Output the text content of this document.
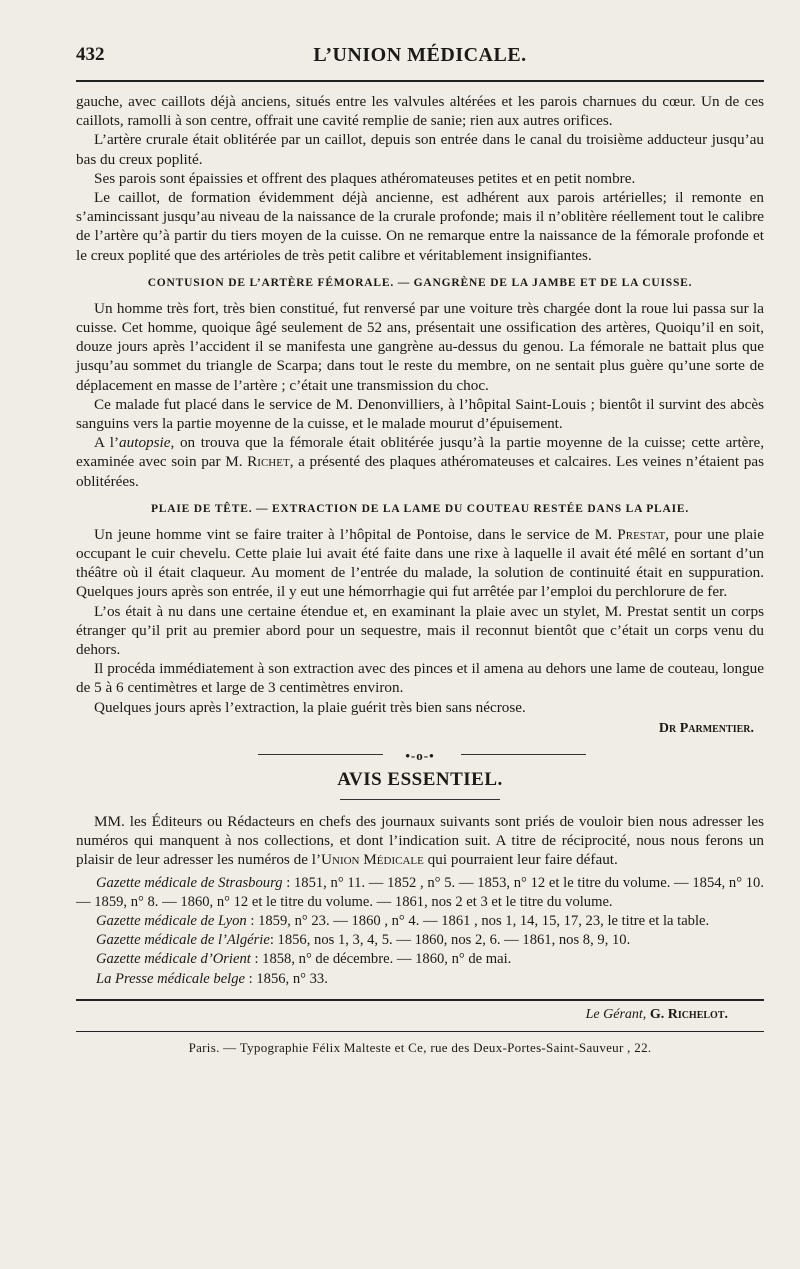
432	L’UNION MÉDICALE.

gauche, avec caillots déjà anciens, situés entre les valvules altérées et les parois charnues du cœur. Un de ces caillots, ramolli à son centre, offrait une cavité remplie de sanie; rien aux autres orifices.

L’artère crurale était oblitérée par un caillot, depuis son entrée dans le canal du troisième adducteur jusqu’au bas du creux poplité.

Ses parois sont épaissies et offrent des plaques athéromateuses petites et en petit nombre.

Le caillot, de formation évidemment déjà ancienne, est adhérent aux parois artérielles; il remonte en s’amincissant jusqu’au niveau de la naissance de la crurale profonde; mais il n’oblitère réellement tout le calibre de l’artère qu’à partir du tiers moyen de la cuisse. On ne remarque entre la naissance de la fémorale profonde et le creux poplité que des artérioles de très petit calibre et véritablement insignifiantes.

CONTUSION DE L’ARTÈRE FÉMORALE. — GANGRÈNE DE LA JAMBE ET DE LA CUISSE.

Un homme très fort, très bien constitué, fut renversé par une voiture très chargée dont la roue lui passa sur la cuisse. Cet homme, quoique âgé seulement de 52 ans, présentait une ossification des artères, Quoiqu’il en soit, douze jours après l’accident il se manifesta une gangrène au-dessus du genou. La fémorale ne battait plus que jusqu’au sommet du triangle de Scarpa; dans tout le reste du membre, on ne sentait plus guère qu’une sorte de déplacement en masse de l’artère ; c’était une transmission du choc.

Ce malade fut placé dans le service de M. Denonvilliers, à l’hôpital Saint-Louis ; bientôt il survint des abcès sanguins vers la partie moyenne de la cuisse, et le malade mourut d’épuisement.

A l’autopsie, on trouva que la fémorale était oblitérée jusqu’à la partie moyenne de la cuisse; cette artère, examinée avec soin par M. Richet, a présenté des plaques athéromateuses et calcaires. Les veines n’étaient pas oblitérées.

PLAIE DE TÊTE. — EXTRACTION DE LA LAME DU COUTEAU RESTÉE DANS LA PLAIE.

Un jeune homme vint se faire traiter à l’hôpital de Pontoise, dans le service de M. Prestat, pour une plaie occupant le cuir chevelu. Cette plaie lui avait été faite dans une rixe à laquelle il avait été mêlé en sortant d’un théâtre où il était claqueur. Au moment de l’entrée du malade, la solution de continuité était en suppuration. Quelques jours après son entrée, il y eut une hémorrhagie qui fut arrêtée par l’emploi du perchlorure de fer.

L’os était à nu dans une certaine étendue et, en examinant la plaie avec un stylet, M. Prestat sentit un corps étranger qu’il prit au premier abord pour un sequestre, mais il reconnut bientôt que c’était un corps venu du dehors.

Il procéda immédiatement à son extraction avec des pinces et il amena au dehors une lame de couteau, longue de 5 à 6 centimètres et large de 3 centimètres environ.

Quelques jours après l’extraction, la plaie guérit très bien sans nécrose.

Dr Parmentier.
•-o-•
AVIS ESSENTIEL.

MM. les Éditeurs ou Rédacteurs en chefs des journaux suivants sont priés de vouloir bien nous adresser les numéros qui manquent à nos collections, et dont l’indication suit. A titre de réciprocité, nous nous ferons un plaisir de leur adresser les numéros de l’Union Médicale qui pourraient leur faire défaut.

Gazette médicale de Strasbourg : 1851, n° 11. — 1852 , n° 5. — 1853, n° 12 et le titre du volume. — 1854, n° 10. — 1859, n° 8. — 1860, n° 12 et le titre du volume. — 1861, nos 2 et 3 et le titre du volume.

Gazette médicale de Lyon : 1859, n° 23. — 1860 , n° 4. — 1861 , nos 1, 14, 15, 17, 23, le titre et la table.

Gazette médicale de l’Algérie: 1856, nos 1, 3, 4, 5. — 1860, nos 2, 6. — 1861, nos 8, 9, 10.

Gazette médicale d’Orient : 1858, n° de décembre. — 1860, n° de mai.

La Presse médicale belge : 1856, n° 33.

Le Gérant, G. Richelot.
Paris. — Typographie Félix Malteste et Ce, rue des Deux-Portes-Saint-Sauveur , 22.
